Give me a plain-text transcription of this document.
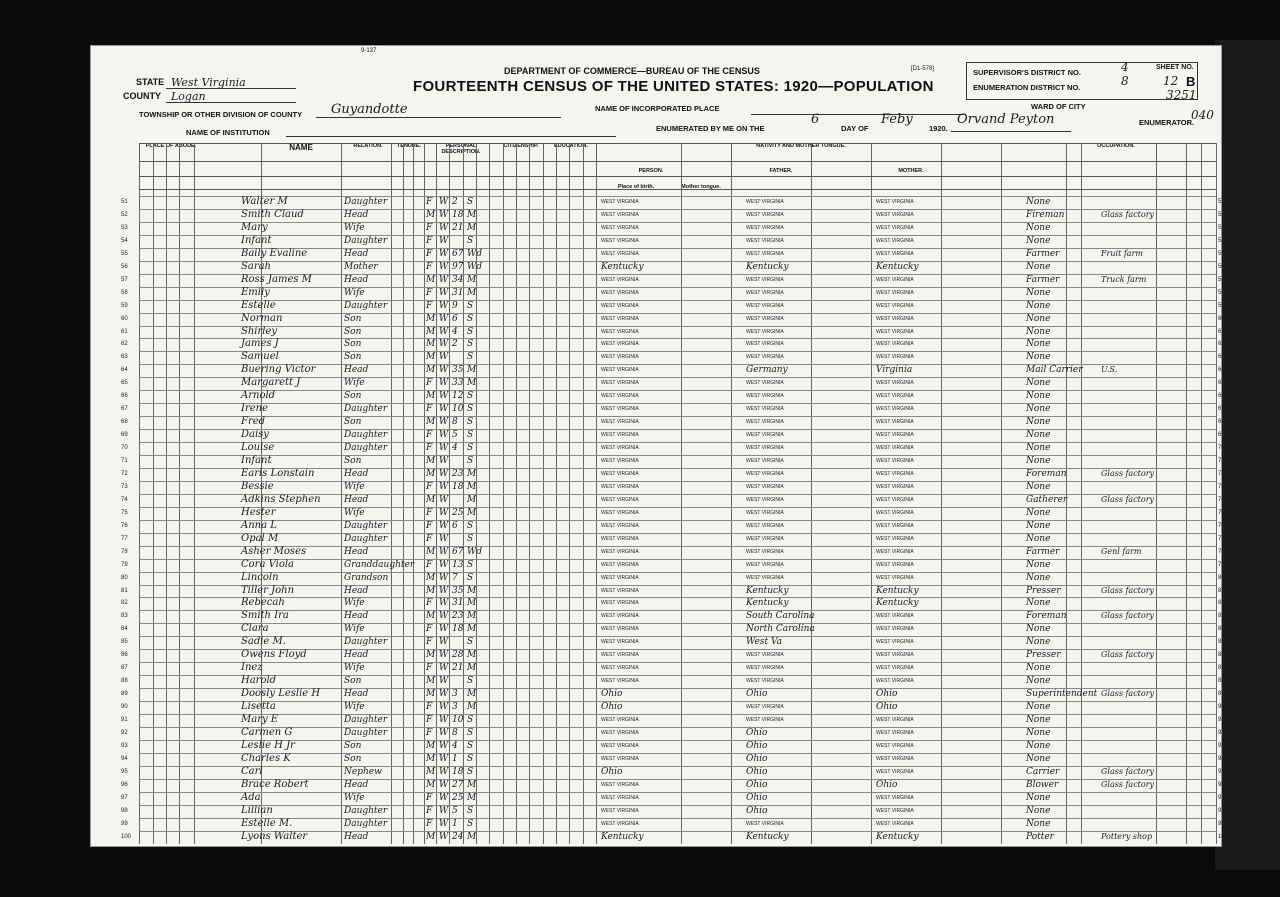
9-137
DEPARTMENT OF COMMERCE—BUREAU OF THE CENSUS	[D1-578]
FOURTEENTH CENSUS OF THE UNITED STATES: 1920—POPULATION
STATE West Virginia
COUNTY Logan
TOWNSHIP OR OTHER DIVISION OF COUNTY Guyandotte	NAME OF INCORPORATED PLACE
NAME OF INSTITUTION	ENUMERATED BY ME ON THE
6
DAY OF
Feby
1920.
Orvand Peyton	ENUMERATOR.
SUPERVISOR'S DISTRICT NO.	4
ENUMERATION DISTRICT NO.	8
SHEET NO.
12 B
WARD OF CITY
3251
040
PLACE OF ABODE.	NAME	RELATION.	TENURE.	PERSONAL DESCRIPTION.
CITIZENSHIP.	EDUCATION.	NATIVITY AND MOTHER TONGUE.
PERSON.	FATHER.	MOTHER.
OCCUPATION.
Place of birth.	Mother tongue.
51	51
Walter M	Daughter	F W 2 S	WEST VIRGINIA	WEST VIRGINIA	WEST VIRGINIA	None
52	52
Smith Claud	Head	M W 18 M	WEST VIRGINIA	WEST VIRGINIA	WEST VIRGINIA	Fireman	Glass factory
53	53
Mary	Wife	F W 21 M	WEST VIRGINIA	WEST VIRGINIA	WEST VIRGINIA	None
54	54
Infant	Daughter	F W S	WEST VIRGINIA	WEST VIRGINIA	WEST VIRGINIA	None
55	55
Baily Evaline	Head	F W 67 Wd	WEST VIRGINIA	WEST VIRGINIA	WEST VIRGINIA	Farmer	Fruit farm
56	56
Sarah	Mother	F W 97 Wd	Kentucky	Kentucky	Kentucky	None
57	57
Ross James M	Head	M W 34 M	WEST VIRGINIA	WEST VIRGINIA	WEST VIRGINIA	Farmer	Truck farm
58	58
Emily	Wife	F W 31 M	WEST VIRGINIA	WEST VIRGINIA	WEST VIRGINIA	None
59	59
Estelle	Daughter	F W 9 S	WEST VIRGINIA	WEST VIRGINIA	WEST VIRGINIA	None
60	60
Norman	Son	M W 6 S	WEST VIRGINIA	WEST VIRGINIA	WEST VIRGINIA	None
61	61
Shirley	Son	M W 4 S	WEST VIRGINIA	WEST VIRGINIA	WEST VIRGINIA	None
62	62
James J	Son	M W 2 S	WEST VIRGINIA	WEST VIRGINIA	WEST VIRGINIA	None
63	63
Samuel	Son	M W S	WEST VIRGINIA	WEST VIRGINIA	WEST VIRGINIA	None
64	64
Buering Victor	Head	M W 35 M	WEST VIRGINIA	Germany	Virginia	Mail Carrier U.S.
65	65
Margarett J	Wife	F W 33 M	WEST VIRGINIA	WEST VIRGINIA	WEST VIRGINIA	None
66	66
Arnold	Son	M W 12 S	WEST VIRGINIA	WEST VIRGINIA	WEST VIRGINIA	None
67	67
Irene	Daughter	F W 10 S	WEST VIRGINIA	WEST VIRGINIA	WEST VIRGINIA	None
68	68
Fred	Son	M W 8 S	WEST VIRGINIA	WEST VIRGINIA	WEST VIRGINIA	None
69	69
Daisy	Daughter	F W 5 S	WEST VIRGINIA	WEST VIRGINIA	WEST VIRGINIA	None
70	70
Louise	Daughter	F W 4 S	WEST VIRGINIA	WEST VIRGINIA	WEST VIRGINIA	None
71	71
Infant	Son	M W S	WEST VIRGINIA	WEST VIRGINIA	WEST VIRGINIA	None
72	72
Earls Lonstain	Head	M W 23 M	WEST VIRGINIA	WEST VIRGINIA	WEST VIRGINIA	Foreman	Glass factory
73	73
Bessie	Wife	F W 18 M	WEST VIRGINIA	WEST VIRGINIA	WEST VIRGINIA	None
74	74
Adkins Stephen	Head	M W M	WEST VIRGINIA	WEST VIRGINIA	WEST VIRGINIA	Gatherer	Glass factory
75	75
Hester	Wife	F W 25 M	WEST VIRGINIA	WEST VIRGINIA	WEST VIRGINIA	None
76	76
Anna L	Daughter	F W 6 S	WEST VIRGINIA	WEST VIRGINIA	WEST VIRGINIA	None
77	77
Opal M	Daughter	F W S	WEST VIRGINIA	WEST VIRGINIA	WEST VIRGINIA	None
78	78
Asher Moses	Head	M W 67 Wd	WEST VIRGINIA	WEST VIRGINIA	WEST VIRGINIA	Farmer	Genl farm
79	79
Cora Viola	Granddaughter F W 13 S	WEST VIRGINIA	WEST VIRGINIA	WEST VIRGINIA	None
80	80
Lincoln	Grandson	M W 7 S	WEST VIRGINIA	WEST VIRGINIA	WEST VIRGINIA	None
81	81
Tiller John	Head	M W 35 M	WEST VIRGINIA	Kentucky	Kentucky	Presser	Glass factory
82	82
Rebecah	Wife	F W 31 M	WEST VIRGINIA	Kentucky	Kentucky	None
83	83
Smith Ira	Head	M W 23 M	WEST VIRGINIA	South Carolina	WEST VIRGINIA	Foreman	Glass factory
84	84
Clara	Wife	F W 18 M	WEST VIRGINIA	North Carolina	WEST VIRGINIA	None
85	85
Sadie M.	Daughter	F W S	WEST VIRGINIA	West Va	WEST VIRGINIA	None
86	86
Owens Floyd	Head	M W 28 M	WEST VIRGINIA	WEST VIRGINIA	WEST VIRGINIA	Presser	Glass factory
87	87
Inez	Wife	F W 21 M	WEST VIRGINIA	WEST VIRGINIA	WEST VIRGINIA	None
88	88
Harold	Son	M W S	WEST VIRGINIA	WEST VIRGINIA	WEST VIRGINIA	None
89	89
Doosly Leslie H	Head	M W 3 M	Ohio	Ohio	Ohio	Superintendent Glass factory
90	90
Lisetta	Wife	F W 3 M	Ohio	WEST VIRGINIA	Ohio	None
91	91
Mary E	Daughter	F W 10 S	WEST VIRGINIA	WEST VIRGINIA	WEST VIRGINIA	None
92	92
Carmen G	Daughter	F W 8 S	WEST VIRGINIA	Ohio	WEST VIRGINIA	None
93	93
Leslie H Jr	Son	M W 4 S	WEST VIRGINIA	Ohio	WEST VIRGINIA	None
94	94
Charles K	Son	M W 1 S	WEST VIRGINIA	Ohio	WEST VIRGINIA	None
95	95
Carl	Nephew	M W 18 S	Ohio	Ohio	WEST VIRGINIA	Carrier	Glass factory
96	96
Brace Robert	Head	M W 27 M	WEST VIRGINIA	Ohio	Ohio	Blower	Glass factory
97	97
Ada	Wife	F W 25 M	WEST VIRGINIA	Ohio	WEST VIRGINIA	None
98	98
Lillian	Daughter	F W 5 S	WEST VIRGINIA	Ohio	WEST VIRGINIA	None
99	99
Estelle M.	Daughter	F W 1 S	WEST VIRGINIA	WEST VIRGINIA	WEST VIRGINIA	None
100	100
Lyons Walter	Head	M W 24 M	Kentucky	Kentucky	Kentucky	Potter	Pottery shop
